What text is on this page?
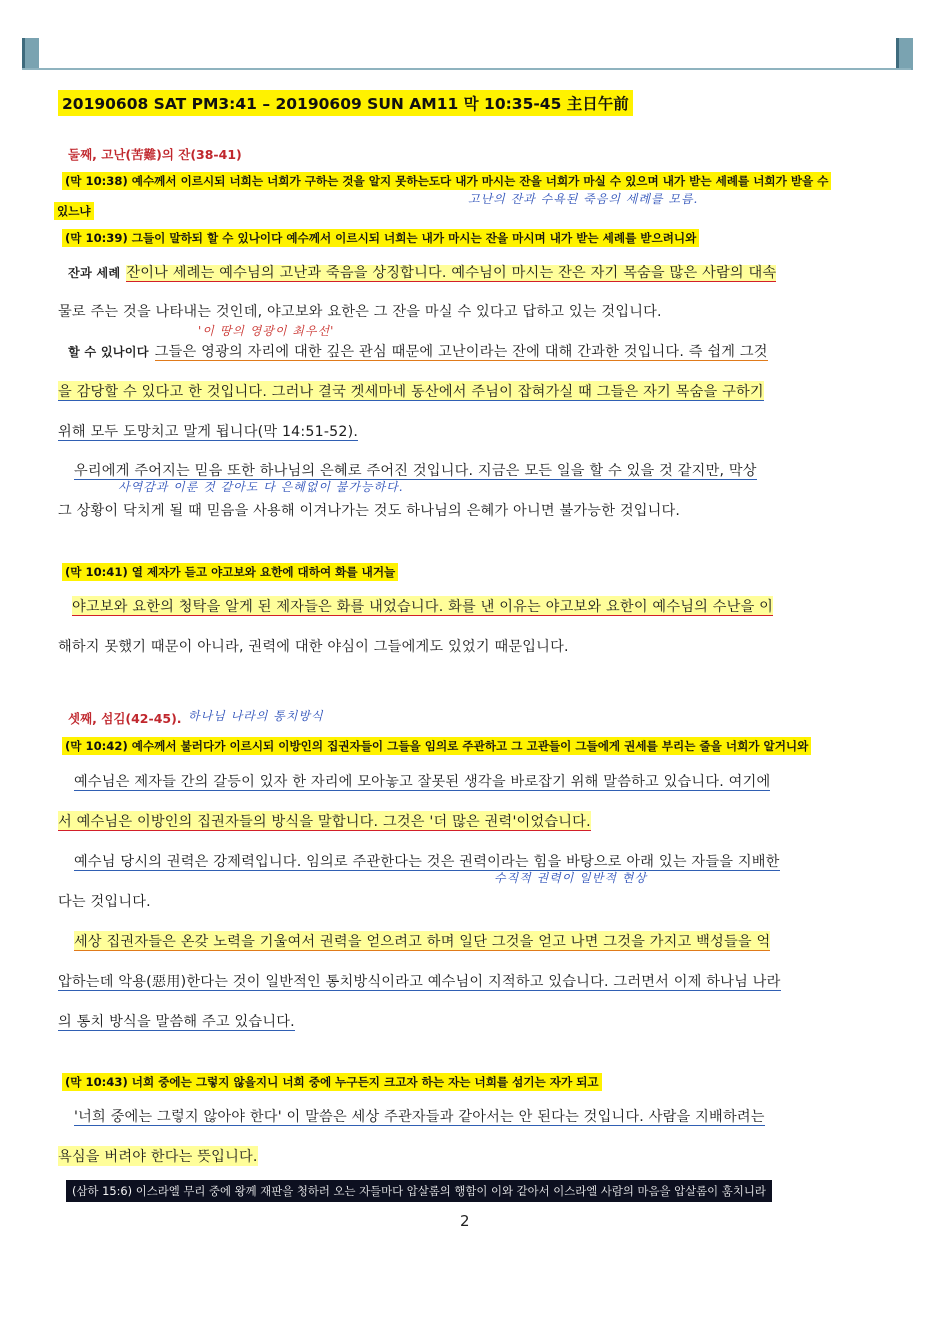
20190608 SAT PM3:41 – 20190609 SUN AM11 막 10:35-45 主日午前
둘째, 고난(苦難)의 잔(38-41)
(막 10:38) 예수께서 이르시되 너희는 너희가 구하는 것을 알지 못하는도다 내가 마시는 잔을 너희가 마실 수 있으며 내가 받는 세례를 너희가 받을 수
있느냐
고난의 잔과 수욕된 죽음의 세례를 모름.
(막 10:39) 그들이 말하되 할 수 있나이다 예수께서 이르시되 너희는 내가 마시는 잔을 마시며 내가 받는 세례를 받으려니와
잔과 세례 잔이나 세례는 예수님의 고난과 죽음을 상징합니다. 예수님이 마시는 잔은 자기 목숨을 많은 사람의 대속
물로 주는 것을 나타내는 것인데, 야고보와 요한은 그 잔을 마실 수 있다고 답하고 있는 것입니다.
'이 땅의 영광이 최우선'
할 수 있나이다 그들은 영광의 자리에 대한 깊은 관심 때문에 고난이라는 잔에 대해 간과한 것입니다. 즉 쉽게 그것
을 감당할 수 있다고 한 것입니다. 그러나 결국 겟세마네 동산에서 주님이 잡혀가실 때 그들은 자기 목숨을 구하기
위해 모두 도망치고 말게 됩니다(막 14:51-52).
우리에게 주어지는 믿음 또한 하나님의 은혜로 주어진 것입니다. 지금은 모든 일을 할 수 있을 것 같지만, 막상
사역감과 이룬 것 같아도 다 은혜없이 불가능하다.
그 상황이 닥치게 될 때 믿음을 사용해 이겨나가는 것도 하나님의 은혜가 아니면 불가능한 것입니다.
(막 10:41) 열 제자가 듣고 야고보와 요한에 대하여 화를 내거늘
야고보와 요한의 청탁을 알게 된 제자들은 화를 내었습니다. 화를 낸 이유는 야고보와 요한이 예수님의 수난을 이
해하지 못했기 때문이 아니라, 권력에 대한 야심이 그들에게도 있었기 때문입니다.
셋째, 섬김(42-45). 하나님 나라의 통치방식
(막 10:42) 예수께서 불러다가 이르시되 이방인의 집권자들이 그들을 임의로 주관하고 그 고관들이 그들에게 권세를 부리는 줄을 너희가 알거니와
예수님은 제자들 간의 갈등이 있자 한 자리에 모아놓고 잘못된 생각을 바로잡기 위해 말씀하고 있습니다. 여기에
서 예수님은 이방인의 집권자들의 방식을 말합니다. 그것은 '더 많은 권력'이었습니다.
예수님 당시의 권력은 강제력입니다. 임의로 주관한다는 것은 권력이라는 힘을 바탕으로 아래 있는 자들을 지배한
수직적 권력이 일반적 현상
다는 것입니다.
세상 집권자들은 온갖 노력을 기울여서 권력을 얻으려고 하며 일단 그것을 얻고 나면 그것을 가지고 백성들을 억
압하는데 악용(惡用)한다는 것이 일반적인 통치방식이라고 예수님이 지적하고 있습니다. 그러면서 이제 하나님 나라
의 통치 방식을 말씀해 주고 있습니다.
(막 10:43) 너희 중에는 그렇지 않을지니 너희 중에 누구든지 크고자 하는 자는 너희를 섬기는 자가 되고
'너희 중에는 그렇지 않아야 한다' 이 말씀은 세상 주관자들과 같아서는 안 된다는 것입니다. 사람을 지배하려는
욕심을 버려야 한다는 뜻입니다.
(삼하 15:6) 이스라엘 무리 중에 왕께 재판을 청하러 오는 자들마다 압살롬의 행함이 이와 같아서 이스라엘 사람의 마음을 압살롬이 훔치니라
2
